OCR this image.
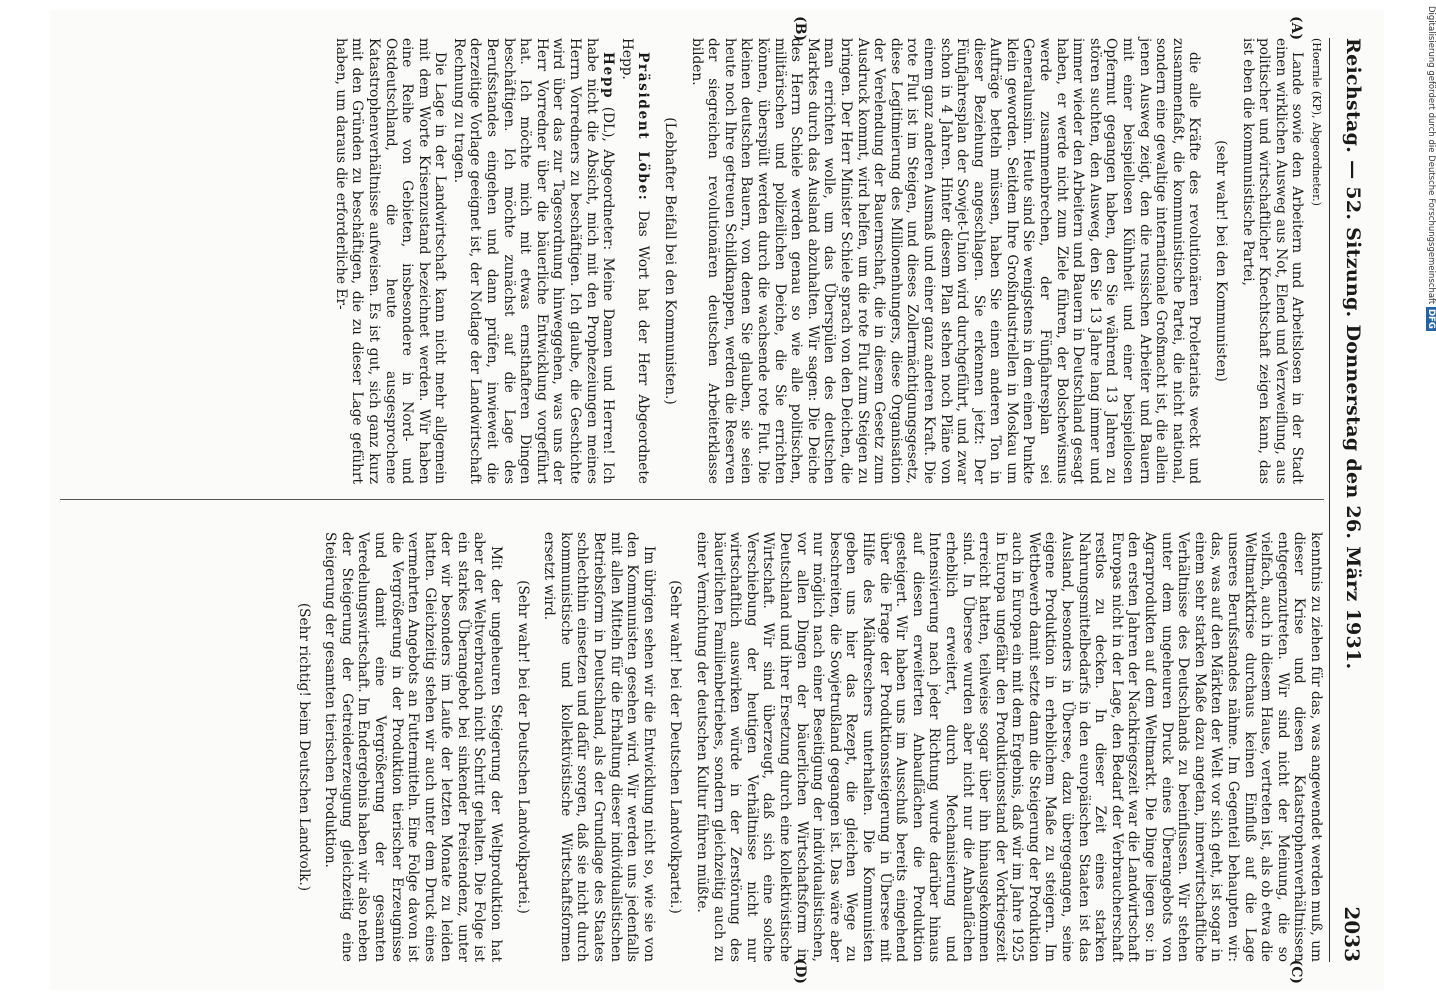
Reichstag. — 52. Sitzung. Donnerstag den 26. März 1931.
2033
(A)
(B)
(C)
(D)

(Hoernle (KP), Abgeordneter.)

Lande sowie den Arbeitern und Arbeitslosen in der Stadt einen wirklichen Ausweg aus Not, Elend und Verzweiflung, aus politischer und wirtschaftlicher Knechtschaft zeigen kann, das ist eben die kommunistische Partei,

(sehr wahr! bei den Kommunisten)

die alle Kräfte des revolutionären Proletariats weckt und zusammenfaßt, die kommunistische Partei, die nicht national, sondern eine gewaltige internationale Großmacht ist, die allein jenen Ausweg zeigt, den die russischen Arbeiter und Bauern mit einer beispiellosen Kühnheit und einer beispiellosen Opfermut gegangen haben, den Sie während 13 Jahren zu stören suchten, den Ausweg, den Sie 13 Jahre lang immer und immer wieder den Arbeitern und Bauern in Deutschland gesagt haben, er werde nicht zum Ziele führen, der Bolschewismus werde zusammenbrechen, der Fünfjahresplan sei Generalunsinn. Heute sind Sie wenigstens in dem einen Punkte klein geworden. Seitdem Ihre Großindustriellen in Moskau um Aufträge betteln müssen, haben Sie einen anderen Ton in dieser Beziehung angeschlagen. Sie erkennen jetzt: Der Fünfjahresplan der Sowjet-Union wird durchgeführt, und zwar schon in 4 Jahren. Hinter diesem Plan stehen noch Pläne von einem ganz anderen Ausmaß und einer ganz anderen Kraft. Die rote Flut ist im Steigen, und dieses Zollermächtigungsgesetz, diese Legitimierung des Millionenhungers, diese Organisation der Verelendung der Bauernschaft, die in diesem Gesetz zum Ausdruck kommt, wird helfen, um die rote Flut zum Steigen zu bringen. Der Herr Minister Schiele sprach von den Deichen, die man errichten wolle, um das Überspülen des deutschen Marktes durch das Ausland abzuhalten. Wir sagen: Die Deiche des Herrn Schiele werden genau so wie alle politischen, militärischen und polizeilichen Deiche, die Sie errichten können, überspült werden durch die wachsende rote Flut. Die kleinen deutschen Bauern, von denen Sie glauben, sie seien heute noch Ihre getreuen Schildknappen, werden die Reserven der siegreichen revolutionären deutschen Arbeiterklasse bilden.

(Lebhafter Beifall bei den Kommunisten.)

Präsident Löbe: Das Wort hat der Herr Abgeordnete Hepp.

Hepp (DL), Abgeordneter: Meine Damen und Herren! Ich habe nicht die Absicht, mich mit den Prophezeiungen meines Herrn Vorredners zu beschäftigen. Ich glaube, die Geschichte wird über das zur Tagesordnung hinweggehen, was uns der Herr Vorredner über die bäuerliche Entwicklung vorgeführt hat. Ich möchte mich mit etwas ernsthafteren Dingen beschäftigen. Ich möchte zunächst auf die Lage des Berufsstandes eingehen und dann prüfen, inwieweit die derzeitige Vorlage geeignet ist, der Notlage der Landwirtschaft Rechnung zu tragen.

Die Lage in der Landwirtschaft kann nicht mehr allgemein mit dem Worte Krisenzustand bezeichnet werden. Wir haben eine Reihe von Gebieten, insbesondere in Nord- und Ostdeutschland, die heute ausgesprochene Katastrophenverhältnisse aufweisen. Es ist gut, sich ganz kurz mit den Gründen zu beschäftigen, die zu dieser Lage geführt haben, um daraus die erforderliche Er-

kenntnis zu ziehen für das, was angewendet werden muß, um dieser Krise und diesen Katastrophenverhältnissen entgegenzutreten. Wir sind nicht der Meinung, die so vielfach, auch in diesem Hause, vertreten ist, als ob etwa die Weltmarktkrise durchaus keinen Einfluß auf die Lage unseres Berufsstandes nähme. Im Gegenteil behaupten wir: das, was auf den Märkten der Welt vor sich geht, ist sogar in einem sehr starken Maße dazu angetan, innerwirtschaftliche Verhältnisse des Deutschlands zu beeinflussen. Wir stehen unter dem ungeheuren Druck eines Überangebots von Agrarprodukten auf dem Weltmarkt. Die Dinge liegen so: in den ersten Jahren der Nachkriegszeit war die Landwirtschaft Europas nicht in der Lage, den Bedarf der Verbraucherschaft restlos zu decken. In dieser Zeit eines starken Nahrungsmittelbedarfs in den europäischen Staaten ist das Ausland, besonders in Übersee, dazu übergegangen, seine eigene Produktion in erheblichem Maße zu steigern. Im Wettbewerb damit setzte dann die Steigerung der Produktion auch in Europa ein mit dem Ergebnis, daß wir im Jahre 1925 in Europa ungefähr den Produktionsstand der Vorkriegszeit erreicht hatten, teilweise sogar über ihn hinausgekommen sind. In Übersee wurden aber nicht nur die Anbauflächen erheblich erweitert, durch Mechanisierung und Intensivierung nach jeder Richtung wurde darüber hinaus auf diesen erweiterten Anbauflächen die Produktion gesteigert. Wir haben uns im Ausschuß bereits eingehend über die Frage der Produktionssteigerung in Übersee mit Hilfe des Mähdreschers unterhalten. Die Kommunisten geben uns hier das Rezept, die gleichen Wege zu beschreiten, die Sowjetrußland gegangen ist. Das wäre aber nur möglich nach einer Beseitigung der individualistischen, vor allen Dingen der bäuerlichen Wirtschaftsform in Deutschland und ihrer Ersetzung durch eine kollektivistische Wirtschaft. Wir sind überzeugt, daß sich eine solche Verschiebung der heutigen Verhältnisse nicht nur wirtschaftlich auswirken würde in der Zerstörung des bäuerlichen Familienbetriebes, sondern gleichzeitig auch zu einer Vernichtung der deutschen Kultur führen müßte.

(Sehr wahr! bei der Deutschen Landvolkpartei.)

Im übrigen sehen wir die Entwicklung nicht so, wie sie von den Kommunisten gesehen wird. Wir werden uns jedenfalls mit allen Mitteln für die Erhaltung dieser individualistischen Betriebsform in Deutschland, als der Grundlage des Staates schlechthin einsetzen und dafür sorgen, daß sie nicht durch kommunistische und kollektivistische Wirtschaftsformen ersetzt wird.

(Sehr wahr! bei der Deutschen Landvolkpartei.)

Mit der ungeheuren Steigerung der Weltproduktion hat aber der Weltverbrauch nicht Schritt gehalten. Die Folge ist ein starkes Überangebot bei sinkender Preistendenz, unter der wir besonders im Laufe der letzten Monate zu leiden hatten. Gleichzeitig stehen wir auch unter dem Druck eines vermehrten Angebots an Futtermitteln. Eine Folge davon ist die Vergrößerung in der Produktion tierischer Erzeugnisse und damit eine Vergrößerung der gesamten Veredelungswirtschaft. Im Endergebnis haben wir also neben der Steigerung der Getreideerzeugung gleichzeitig eine Steigerung der gesamten tierischen Produktion.

(Sehr richtig! beim Deutschen Landvolk.)
Digitalisierung gefördert durch die Deutsche Forschungsgemeinschaft DFG
